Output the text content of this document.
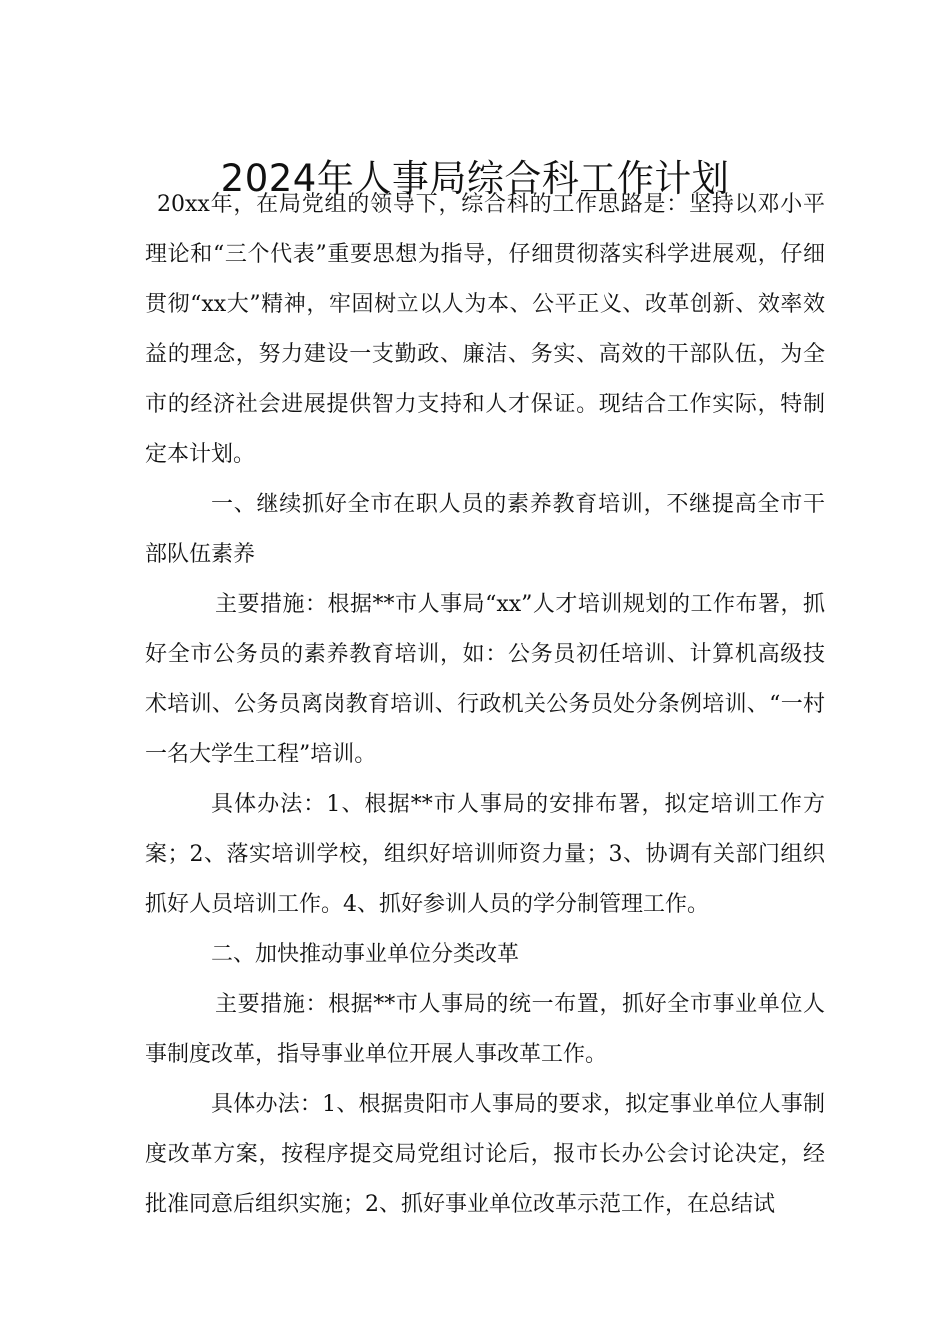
2024年人事局综合科工作计划

20xx年，在局党组的领导下，综合科的工作思路是：坚持以邓小平理论和“三个代表”重要思想为指导，仔细贯彻落实科学进展观，仔细贯彻“xx大”精神，牢固树立以人为本、公平正义、改革创新、效率效益的理念，努力建设一支勤政、廉洁、务实、高效的干部队伍，为全市的经济社会进展提供智力支持和人才保证。现结合工作实际，特制定本计划。

一、继续抓好全市在职人员的素养教育培训，不继提高全市干部队伍素养

主要措施：根据**市人事局“xx”人才培训规划的工作布署，抓好全市公务员的素养教育培训，如：公务员初任培训、计算机高级技术培训、公务员离岗教育培训、行政机关公务员处分条例培训、“一村一名大学生工程”培训。

具体办法：1、根据**市人事局的安排布署，拟定培训工作方案；2、落实培训学校，组织好培训师资力量；3、协调有关部门组织抓好人员培训工作。4、抓好参训人员的学分制管理工作。

二、加快推动事业单位分类改革

主要措施：根据**市人事局的统一布置，抓好全市事业单位人事制度改革，指导事业单位开展人事改革工作。

具体办法：1、根据贵阳市人事局的要求，拟定事业单位人事制度改革方案，按程序提交局党组讨论后，报市长办公会讨论决定，经批准同意后组织实施；2、抓好事业单位改革示范工作，在总结试
